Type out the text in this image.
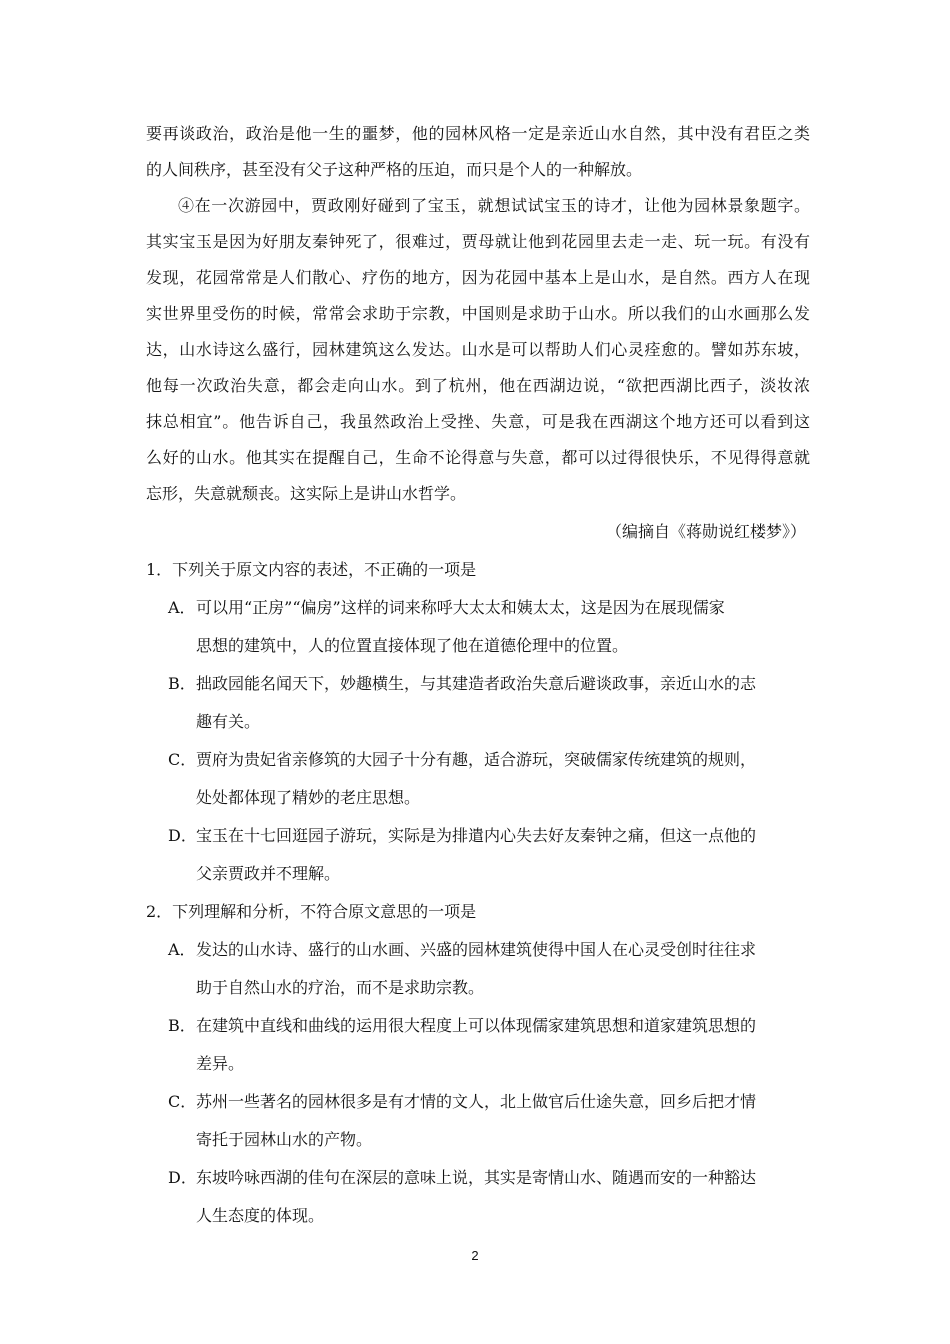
要再谈政治，政治是他一生的噩梦，他的园林风格一定是亲近山水自然，其中没有君臣之类
的人间秩序，甚至没有父子这种严格的压迫，而只是个人的一种解放。
④在一次游园中，贾政刚好碰到了宝玉，就想试试宝玉的诗才，让他为园林景象题字。
其实宝玉是因为好朋友秦钟死了，很难过，贾母就让他到花园里去走一走、玩一玩。有没有
发现，花园常常是人们散心、疗伤的地方，因为花园中基本上是山水，是自然。西方人在现
实世界里受伤的时候，常常会求助于宗教，中国则是求助于山水。所以我们的山水画那么发
达，山水诗这么盛行，园林建筑这么发达。山水是可以帮助人们心灵痊愈的。譬如苏东坡，
他每一次政治失意，都会走向山水。到了杭州，他在西湖边说，“欲把西湖比西子，淡妆浓
抹总相宜”。他告诉自己，我虽然政治上受挫、失意，可是我在西湖这个地方还可以看到这
么好的山水。他其实在提醒自己，生命不论得意与失意，都可以过得很快乐，不见得得意就
忘形，失意就颓丧。这实际上是讲山水哲学。
（编摘自《蒋勋说红楼梦》）
1．下列关于原文内容的表述，不正确的一项是
A． 可以用“正房”“偏房”这样的词来称呼大太太和姨太太，这是因为在展现儒家
思想的建筑中，人的位置直接体现了他在道德伦理中的位置。
B． 拙政园能名闻天下，妙趣横生，与其建造者政治失意后避谈政事，亲近山水的志
趣有关。
C． 贾府为贵妃省亲修筑的大园子十分有趣，适合游玩，突破儒家传统建筑的规则，
处处都体现了精妙的老庄思想。
D． 宝玉在十七回逛园子游玩，实际是为排遣内心失去好友秦钟之痛，但这一点他的
父亲贾政并不理解。
2．下列理解和分析，不符合原文意思的一项是
A． 发达的山水诗、盛行的山水画、兴盛的园林建筑使得中国人在心灵受创时往往求
助于自然山水的疗治，而不是求助宗教。
B． 在建筑中直线和曲线的运用很大程度上可以体现儒家建筑思想和道家建筑思想的
差异。
C． 苏州一些著名的园林很多是有才情的文人，北上做官后仕途失意，回乡后把才情
寄托于园林山水的产物。
D． 东坡吟咏西湖的佳句在深层的意味上说，其实是寄情山水、随遇而安的一种豁达
人生态度的体现。
2
